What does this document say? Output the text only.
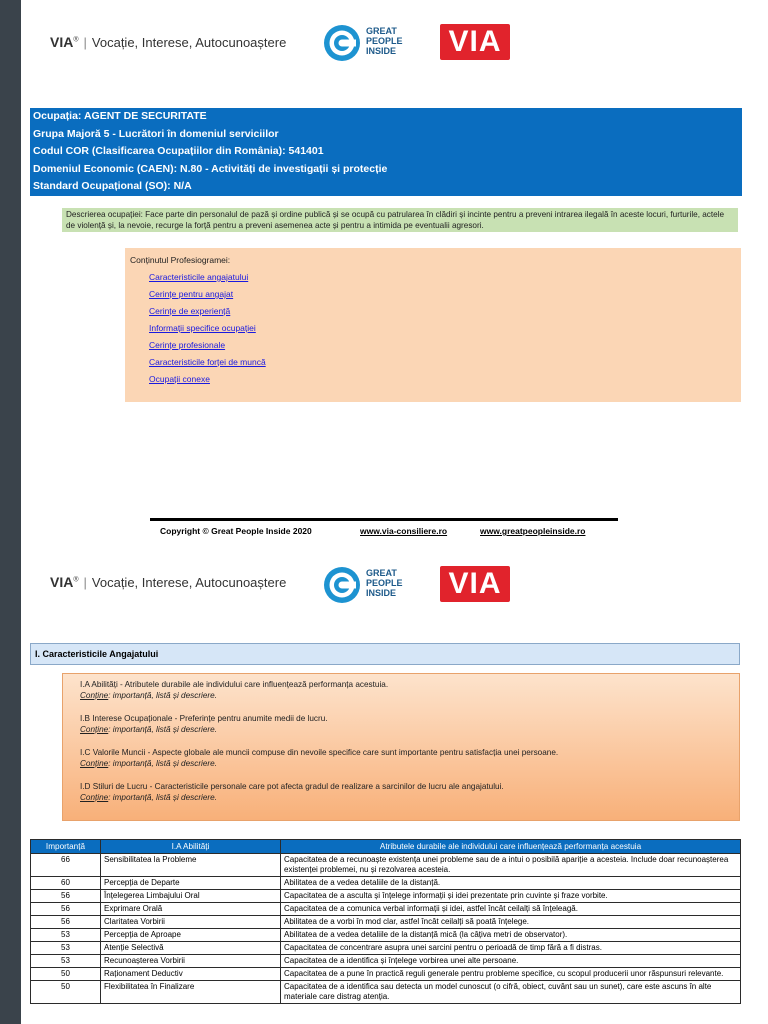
VIA® | Vocație, Interese, Autocunoaștere
GREAT
PEOPLE
INSIDE VIA
Ocupația: AGENT DE SECURITATE
Grupa Majoră 5 - Lucrători în domeniul serviciilor
Codul COR (Clasificarea Ocupațiilor din România): 541401
Domeniul Economic (CAEN): N.80 - Activități de investigații și protecție
Standard Ocupațional (SO): N/A
Descrierea ocupației: Face parte din personalul de pază și ordine publică și se ocupă cu patrularea în clădiri și incinte pentru a preveni intrarea ilegală în aceste locuri, furturile, actele de violență și, la nevoie, recurge la forță pentru a preveni asemenea acte și pentru a intimida pe eventualii agresori.
Conținutul Profesiogramei:
Caracteristicile angajatului
Cerințe pentru angajat
Cerințe de experiență
Informații specifice ocupației
Cerințe profesionale
Caracteristicile forței de muncă
Ocupații conexe
Copyright © Great People Inside 2020	www.via-consiliere.ro	www.greatpeopleinside.ro
VIA® | Vocație, Interese, Autocunoaștere
GREAT
PEOPLE
INSIDE VIA
I. Caracteristicile Angajatului
I.A Abilități - Atributele durabile ale individului care influențează performanța acestuia.
Conține: importanță, listă și descriere.
I.B Interese Ocupaționale - Preferințe pentru anumite medii de lucru.
Conține: importanță, listă și descriere.
I.C Valorile Muncii - Aspecte globale ale muncii compuse din nevoile specifice care sunt importante pentru satisfacția unei persoane.
Conține: importanță, listă și descriere.
I.D Stiluri de Lucru - Caracteristicile personale care pot afecta gradul de realizare a sarcinilor de lucru ale angajatului.
Conține: importanță, listă și descriere.
Importanță	I.A Abilități	Atributele durabile ale individului care influențează performanța acestuia
66	Sensibilitatea la Probleme	Capacitatea de a recunoaște existența unei probleme sau de a intui o posibilă apariție a acesteia. Include doar recunoașterea existenței problemei, nu și rezolvarea acesteia.
60	Percepția de Departe	Abilitatea de a vedea detaliile de la distanță.
56	Înțelegerea Limbajului Oral	Capacitatea de a asculta și înțelege informații și idei prezentate prin cuvinte și fraze vorbite.
56	Exprimare Orală	Capacitatea de a comunica verbal informații și idei, astfel încât ceilalți să înțeleagă.
56	Claritatea Vorbirii	Abilitatea de a vorbi în mod clar, astfel încât ceilalți să poată înțelege.
53	Percepția de Aproape	Abilitatea de a vedea detaliile de la distanță mică (la câțiva metri de observator).
53	Atenție Selectivă	Capacitatea de concentrare asupra unei sarcini pentru o perioadă de timp fără a fi distras.
53	Recunoașterea Vorbirii	Capacitatea de a identifica și înțelege vorbirea unei alte persoane.
50	Raționament Deductiv	Capacitatea de a pune în practică reguli generale pentru probleme specifice, cu scopul producerii unor răspunsuri relevante.
50	Flexibilitatea în Finalizare	Capacitatea de a identifica sau detecta un model cunoscut (o cifră, obiect, cuvânt sau un sunet), care este ascuns în alte materiale care distrag atenția.
